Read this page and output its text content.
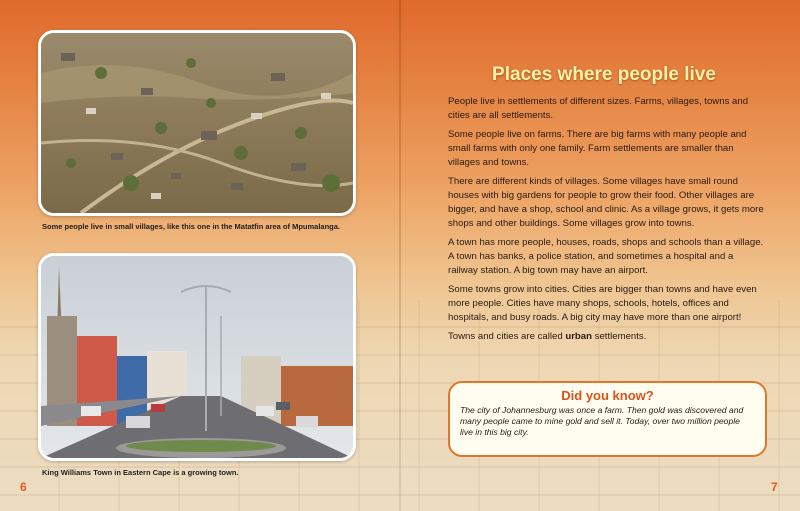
Some people live in small villages, like this one in the Matatfin area of Mpumalanga.
King Williams Town in Eastern Cape is a growing town.
6	7
Places where people live

People live in settlements of different sizes. Farms, villages, towns and cities are all settlements.

Some people live on farms. There are big farms with many people and small farms with only one family. Farm settlements are smaller than villages and towns.

There are different kinds of villages. Some villages have small round houses with big gardens for people to grow their food. Other villages are bigger, and have a shop, school and clinic. As a village grows, it gets more shops and other buildings. Some villages grow into towns.

A town has more people, houses, roads, shops and schools than a village. A town has banks, a police station, and sometimes a hospital and a railway station. A big town may have an airport.

Some towns grow into cities. Cities are bigger than towns and have even more people. Cities have many shops, schools, hotels, offices and hospitals, and busy roads. A big city may have more than one airport!

Towns and cities are called urban settlements.

Did you know?

The city of Johannesburg was once a farm. Then gold was discovered and many people came to mine gold and sell it. Today, over two million people live in this big city.
